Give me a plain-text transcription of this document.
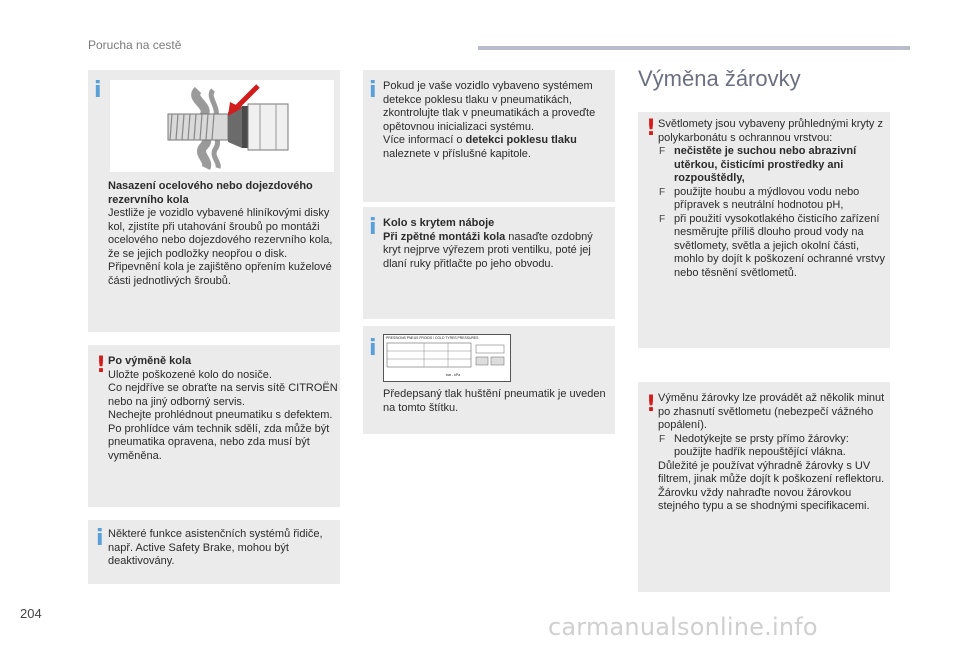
Porucha na cestě
i

Nasazení ocelového nebo dojezdového rezervního kola

Jestliže je vozidlo vybavené hliníkovými disky kol, zjistíte při utahování šroubů po montáži ocelového nebo dojezdového rezervního kola, že se jejich podložky neopřou o disk. Připevnění kola je zajištěno opřením kuželové části jednotlivých šroubů.

! Po výměně kola

Uložte poškozené kolo do nosiče.
Co nejdříve se obraťte na servis sítě CITROËN nebo na jiný odborný servis.
Nechejte prohlédnout pneumatiku s defektem. Po prohlídce vám technik sdělí, zda může být pneumatika opravena, nebo zda musí být vyměněna.

i Některé funkce asistenčních systémů řidiče, např. Active Safety Brake, mohou být deaktivovány.

i Pokud je vaše vozidlo vybaveno systémem detekce poklesu tlaku v pneumatikách, zkontrolujte tlak v pneumatikách a proveďte opětovnou inicializaci systému.

Více informací o detekci poklesu tlaku naleznete v příslušné kapitole.

i Kolo s krytem náboje

Při zpětné montáži kola nasaďte ozdobný kryt nejprve výřezem proti ventilku, poté jej dlaní ruky přitlačte po jeho obvodu.

i	PRESSIONS PNEUS FROIDS / COLD TYRES PRESSURES
bar - kPa

Předepsaný tlak huštění pneumatik je uveden na tomto štítku.

Výměna žárovky
! Světlomety jsou vybaveny průhlednými kryty z polykarbonátu s ochrannou vrstvou:

F nečistěte je suchou nebo abrazivní utěrkou, čisticími prostředky ani rozpouštědly,
F použijte houbu a mýdlovou vodu nebo přípravek s neutrální hodnotou pH,
F při použití vysokotlakého čisticího zařízení nesměrujte příliš dlouho proud vody na světlomety, světla a jejich okolní části, mohlo by dojít k poškození ochranné vrstvy nebo těsnění světlometů.
! Výměnu žárovky lze provádět až několik minut po zhasnutí světlometu (nebezpečí vážného popálení).

F Nedotýkejte se prsty přímo žárovky: použijte hadřík nepouštějící vlákna.

Důležité je používat výhradně žárovky s UV filtrem, jinak může dojít k poškození reflektoru.

Žárovku vždy nahraďte novou žárovkou stejného typu a se shodnými specifikacemi.

204	carmanualsonline.info
